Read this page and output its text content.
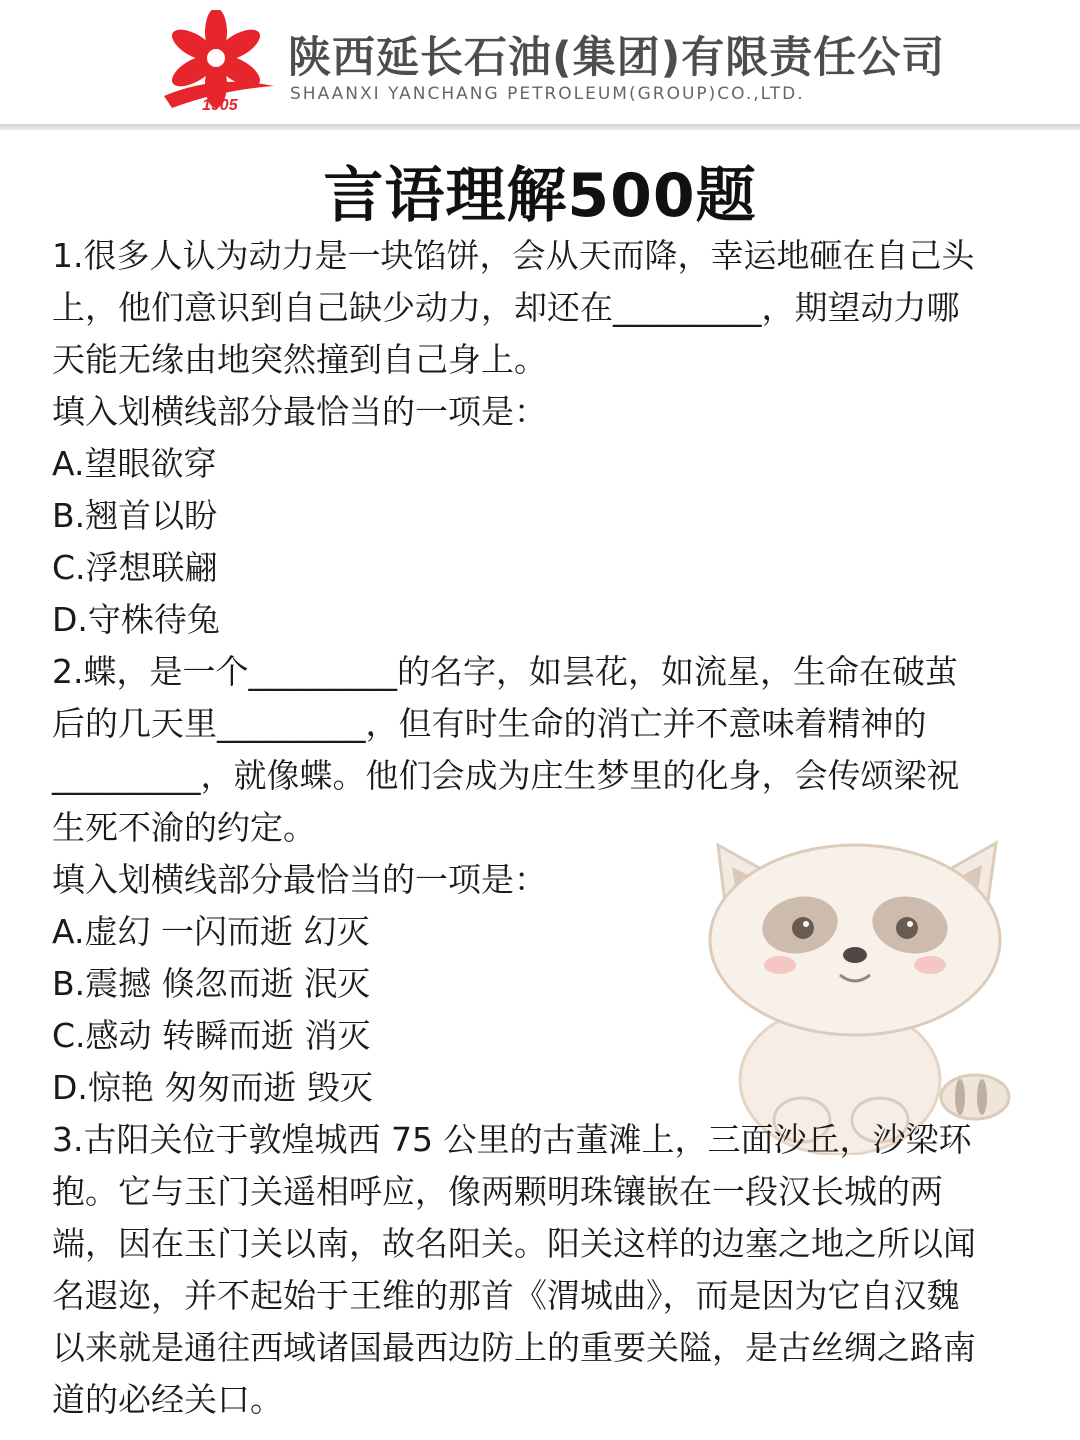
1905
陕西延长石油(集团)有限责任公司
SHAANXI YANCHANG PETROLEUM(GROUP)CO.,LTD.
言语理解500题
1.很多人认为动力是一块馅饼，会从天而降，幸运地砸在自己头
上，他们意识到自己缺少动力，却还在_________，期望动力哪
天能无缘由地突然撞到自己身上。
填入划横线部分最恰当的一项是：
A.望眼欲穿
B.翘首以盼
C.浮想联翩
D.守株待兔
2.蝶，是一个_________的名字，如昙花，如流星，生命在破茧
后的几天里_________，但有时生命的消亡并不意味着精神的
_________，就像蝶。他们会成为庄生梦里的化身，会传颂梁祝
生死不渝的约定。
填入划横线部分最恰当的一项是：
A.虚幻 一闪而逝 幻灭
B.震撼 倏忽而逝 泯灭
C.感动 转瞬而逝 消灭
D.惊艳 匆匆而逝 毁灭
3.古阳关位于敦煌城西 75 公里的古董滩上，三面沙丘，沙梁环
抱。它与玉门关遥相呼应，像两颗明珠镶嵌在一段汉长城的两
端，因在玉门关以南，故名阳关。阳关这样的边塞之地之所以闻
名遐迩，并不起始于王维的那首《渭城曲》，而是因为它自汉魏
以来就是通往西域诸国最西边防上的重要关隘，是古丝绸之路南
道的必经关口。
